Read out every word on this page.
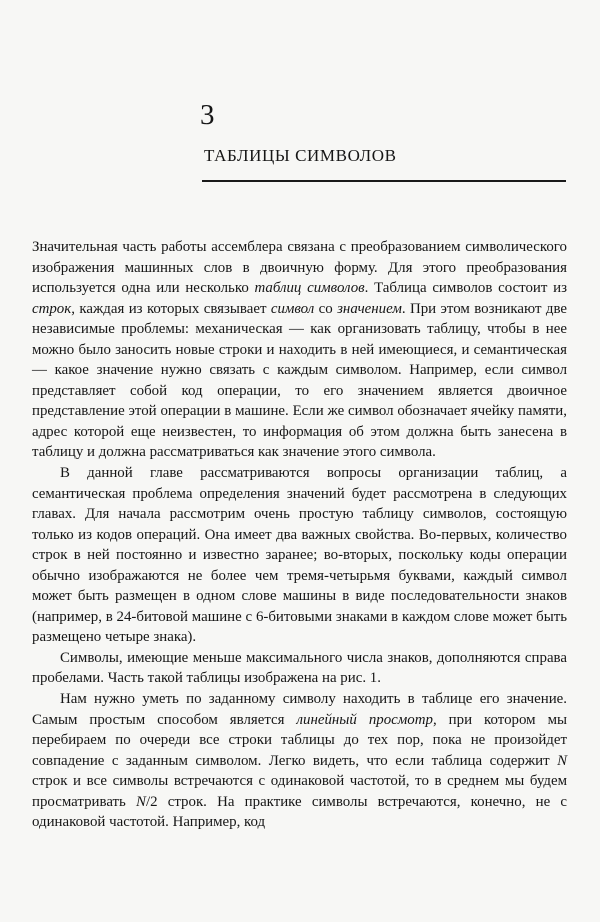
3
ТАБЛИЦЫ СИМВОЛОВ

Значительная часть работы ассемблера связана с преобразованием символического изображения машинных слов в двоичную форму. Для этого преобразования используется одна или несколько таблиц символов. Таблица символов состоит из строк, каждая из которых связывает символ со значением. При этом возникают две независимые проблемы: механическая — как организовать таблицу, чтобы в нее можно было заносить новые строки и находить в ней имеющиеся, и семантическая — какое значение нужно связать с каждым символом. Например, если символ представляет собой код операции, то его значением является двоичное представление этой операции в машине. Если же символ обозначает ячейку памяти, адрес которой еще неизвестен, то информация об этом должна быть занесена в таблицу и должна рассматриваться как значение этого символа.

В данной главе рассматриваются вопросы организации таблиц, а семантическая проблема определения значений будет рассмотрена в следующих главах. Для начала рассмотрим очень простую таблицу символов, состоящую только из кодов операций. Она имеет два важных свойства. Во-первых, количество строк в ней постоянно и известно заранее; во-вторых, поскольку коды операции обычно изображаются не более чем тремя-четырьмя буквами, каждый символ может быть размещен в одном слове машины в виде последовательности знаков (например, в 24-битовой машине с 6-битовыми знаками в каждом слове может быть размещено четыре знака).

Символы, имеющие меньше максимального числа знаков, дополняются справа пробелами. Часть такой таблицы изображена на рис. 1.

Нам нужно уметь по заданному символу находить в таблице его значение. Самым простым способом является линейный просмотр, при котором мы перебираем по очереди все строки таблицы до тех пор, пока не произойдет совпадение с заданным символом. Легко видеть, что если таблица содержит N строк и все символы встречаются с одинаковой частотой, то в среднем мы будем просматривать N/2 строк. На практике символы встречаются, конечно, не с одинаковой частотой. Например, код
